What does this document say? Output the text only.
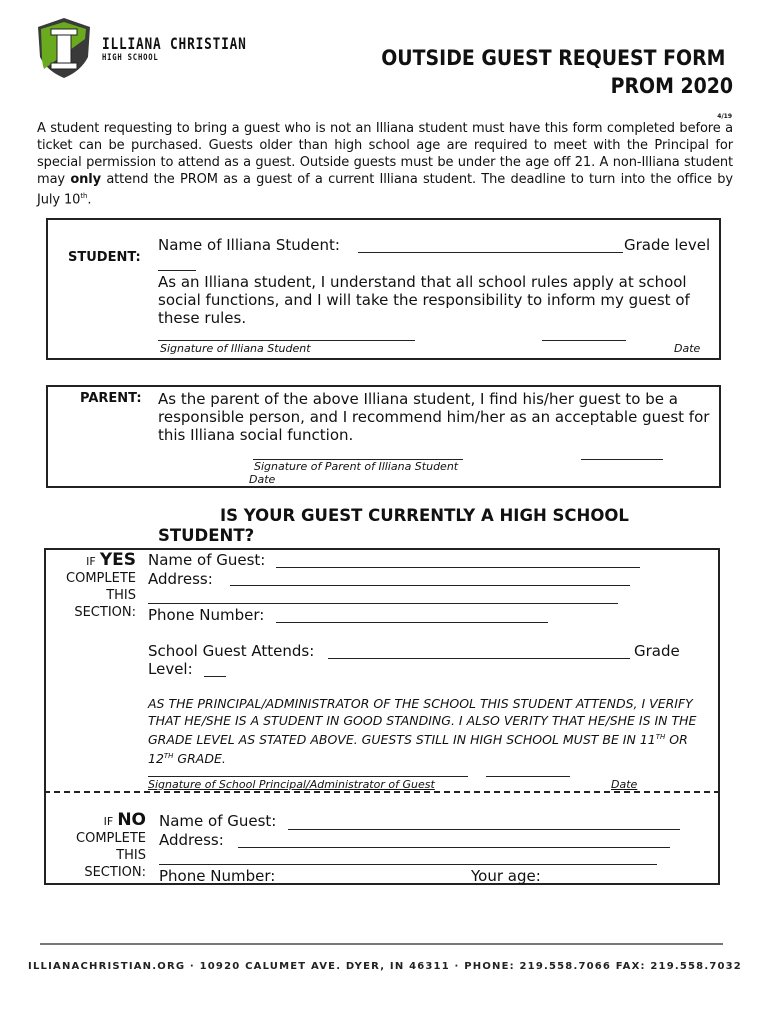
ILLIANA CHRISTIAN
HIGH SCHOOL	OUTSIDE GUEST REQUEST FORM
PROM 2020
4/19
A student requesting to bring a guest who is not an Illiana student must have this form completed before a ticket can be purchased. Guests older than high school age are required to meet with the Principal for special permission to attend as a guest. Outside guests must be under the age off 21. A non-Illiana student may only attend the PROM as a guest of a current Illiana student. The deadline to turn into the office by July 10th.
STUDENT:
Name of Illiana Student:	Grade level
As an Illiana student, I understand that all school rules apply at school social functions, and I will take the responsibility to inform my guest of these rules.
Signature of Illiana Student	Date
PARENT: As the parent of the above Illiana student, I find his/her guest to be a responsible person, and I recommend him/her as an acceptable guest for this Illiana social function.
Signature of Parent of Illiana Student
Date
IS YOUR GUEST CURRENTLY A HIGH SCHOOL
STUDENT?
IF YES
COMPLETE
THIS
SECTION:
Name of Guest:
Address:
Phone Number:
School Guest Attends:	Grade
Level:
AS THE PRINCIPAL/ADMINISTRATOR OF THE SCHOOL THIS STUDENT ATTENDS, I VERIFY THAT HE/SHE IS A STUDENT IN GOOD STANDING. I ALSO VERITY THAT HE/SHE IS IN THE GRADE LEVEL AS STATED ABOVE. GUESTS STILL IN HIGH SCHOOL MUST BE IN 11TH OR 12TH GRADE.
Signature of School Principal/Administrator of Guest	Date
IF NO
COMPLETE
THIS
SECTION:
Name of Guest:
Address:
Phone Number:	Your age:
ILLIANACHRISTIAN.ORG · 10920 CALUMET AVE. DYER, IN 46311 · PHONE: 219.558.7066 FAX: 219.558.7032
